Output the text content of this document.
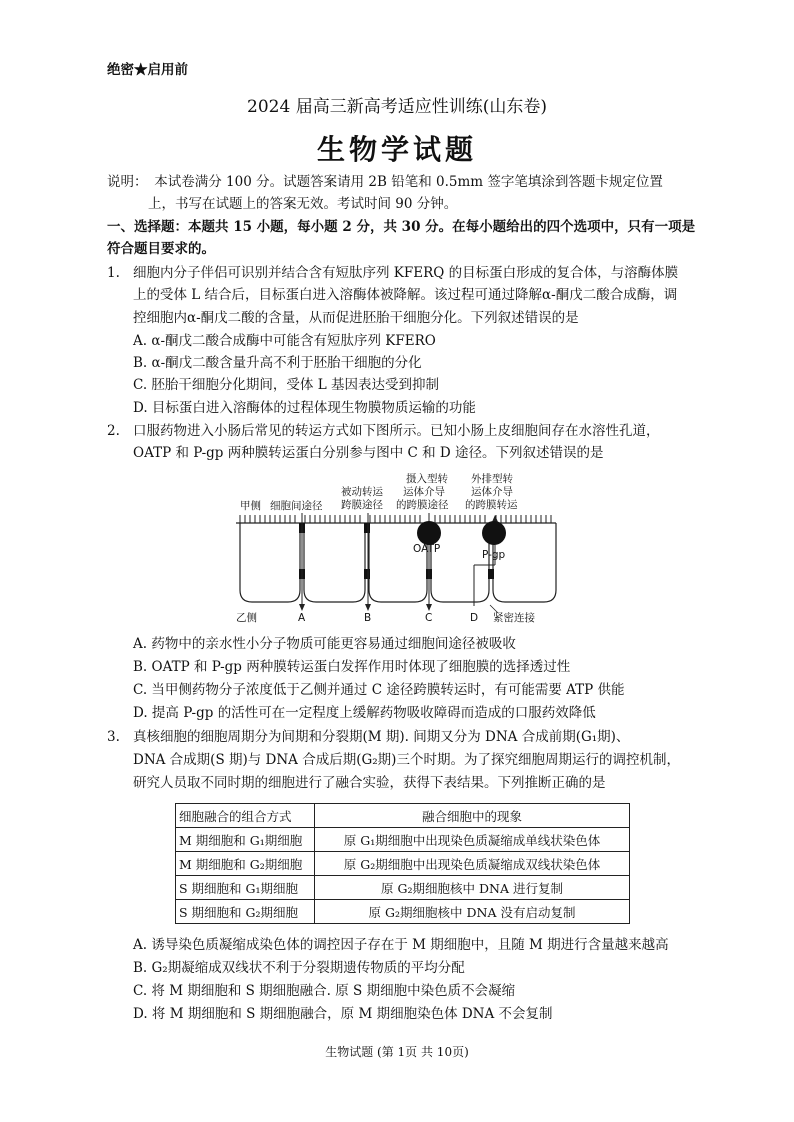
绝密★启用前
2024 届高三新高考适应性训练(山东卷)
生物学试题
说明：　本试卷满分 100 分。试题答案请用 2B 铅笔和 0.5mm 签字笔填涂到答题卡规定位置
上，书写在试题上的答案无效。考试时间 90 分钟。
一、选择题：本题共 15 小题，每小题 2 分，共 30 分。在每小题给出的四个选项中，只有一项是
符合题目要求的。
1. 细胞内分子伴侣可识别并结合含有短肽序列 KFERQ 的目标蛋白形成的复合体，与溶酶体膜
上的受体 L 结合后，目标蛋白进入溶酶体被降解。该过程可通过降解α-酮戊二酸合成酶，调
控细胞内α-酮戊二酸的含量，从而促进胚胎干细胞分化。下列叙述错误的是
A. α-酮戊二酸合成酶中可能含有短肽序列 KFERO
B. α-酮戊二酸含量升高不利于胚胎干细胞的分化
C. 胚胎干细胞分化期间，受体 L 基因表达受到抑制
D. 目标蛋白进入溶酶体的过程体现生物膜物质运输的功能
2. 口服药物进入小肠后常见的转运方式如下图所示。已知小肠上皮细胞间存在水溶性孔道，
OATP 和 P-gp 两种膜转运蛋白分别参与图中 C 和 D 途径。下列叙述错误的是
甲侧 细胞间途径
被动转运
跨膜途径
摄入型转
运体介导
的跨膜途径
外排型转
运体介导
的跨膜转运
OATP	P-gp
乙侧	A	B	C	D 紧密连接
A. 药物中的亲水性小分子物质可能更容易通过细胞间途径被吸收
B. OATP 和 P-gp 两种膜转运蛋白发挥作用时体现了细胞膜的选择透过性
C. 当甲侧药物分子浓度低于乙侧并通过 C 途径跨膜转运时，有可能需要 ATP 供能
D. 提高 P-gp 的活性可在一定程度上缓解药物吸收障碍而造成的口服药效降低
3. 真核细胞的细胞周期分为间期和分裂期(M 期). 间期又分为 DNA 合成前期(G₁期)、
DNA 合成期(S 期)与 DNA 合成后期(G₂期)三个时期。为了探究细胞周期运行的调控机制，
研究人员取不同时期的细胞进行了融合实验，获得下表结果。下列推断正确的是
细胞融合的组合方式	融合细胞中的现象
M 期细胞和 G₁期细胞	原 G₁期细胞中出现染色质凝缩成单线状染色体
M 期细胞和 G₂期细胞	原 G₂期细胞中出现染色质凝缩成双线状染色体
S 期细胞和 G₁期细胞	原 G₂期细胞核中 DNA 进行复制
S 期细胞和 G₂期细胞	原 G₂期细胞核中 DNA 没有启动复制
A. 诱导染色质凝缩成染色体的调控因子存在于 M 期细胞中，且随 M 期进行含量越来越高
B. G₂期凝缩成双线状不利于分裂期遗传物质的平均分配
C. 将 M 期细胞和 S 期细胞融合. 原 S 期细胞中染色质不会凝缩
D. 将 M 期细胞和 S 期细胞融合，原 M 期细胞染色体 DNA 不会复制
生物试题 (第 1页 共 10页)
